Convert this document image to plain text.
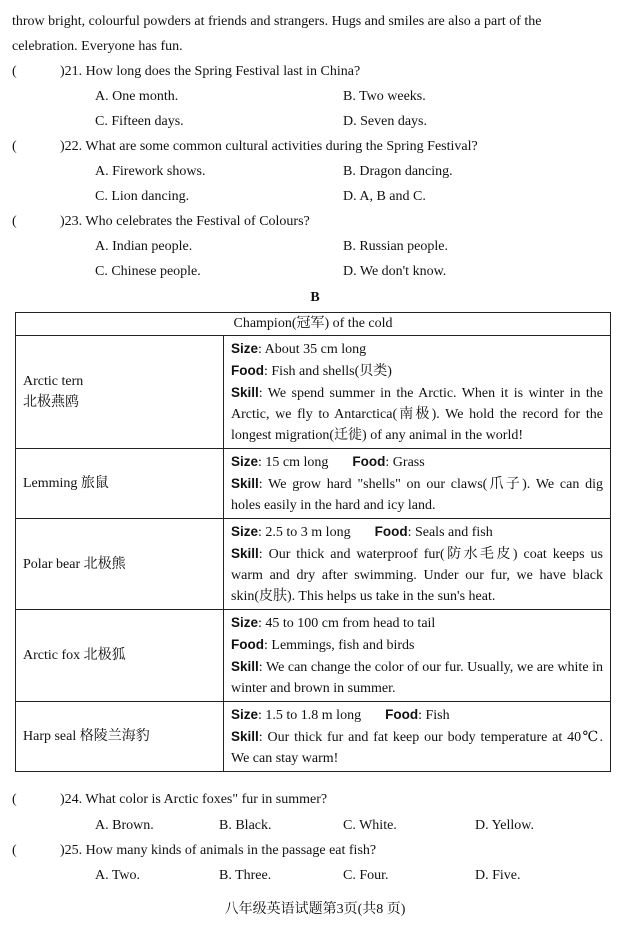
throw bright, colourful powders at friends and strangers. Hugs and smiles are also a part of the
celebration. Everyone has fun.
(	)21. How long does the Spring Festival last in China?
A. One month.	B. Two weeks.
C. Fifteen days.	D. Seven days.
(	)22. What are some common cultural activities during the Spring Festival?
A. Firework shows.	B. Dragon dancing.
C. Lion dancing.	D. A, B and C.
(	)23. Who celebrates the Festival of Colours?
A. Indian people.	B. Russian people.
C. Chinese people.	D. We don't know.
B
Champion(冠军) of the cold	
Arctic tern
北极燕鸥	Size: About 35 cm long
Food: Fish and shells(贝类)
Skill: We spend summer in the Arctic. When it is winter in the Arctic, we fly to Antarctica(南极). We hold the record for the longest migration(迁徙) of any animal in the world!
Lemming 旅鼠	Size: 15 cm long Food: Grass
Skill: We grow hard "shells" on our claws(爪子). We can dig holes easily in the hard and icy land.
Polar bear 北极熊	Size: 2.5 to 3 m long Food: Seals and fish
Skill: Our thick and waterproof fur(防水毛皮) coat keeps us warm and dry after swimming. Under our fur, we have black skin(皮肤). This helps us take in the sun's heat.
Arctic fox 北极狐	Size: 45 to 100 cm from head to tail
Food: Lemmings, fish and birds
Skill: We can change the color of our fur. Usually, we are white in winter and brown in summer.
Harp seal 格陵兰海豹	Size: 1.5 to 1.8 m long Food: Fish
Skill: Our thick fur and fat keep our body temperature at 40℃. We can stay warm!
(	)24. What color is Arctic foxes" fur in summer?
A. Brown.	B. Black.	C. White.	D. Yellow.
(	)25. How many kinds of animals in the passage eat fish?
A. Two.	B. Three.	C. Four.	D. Five.
八年级英语试题第3页(共8 页)
